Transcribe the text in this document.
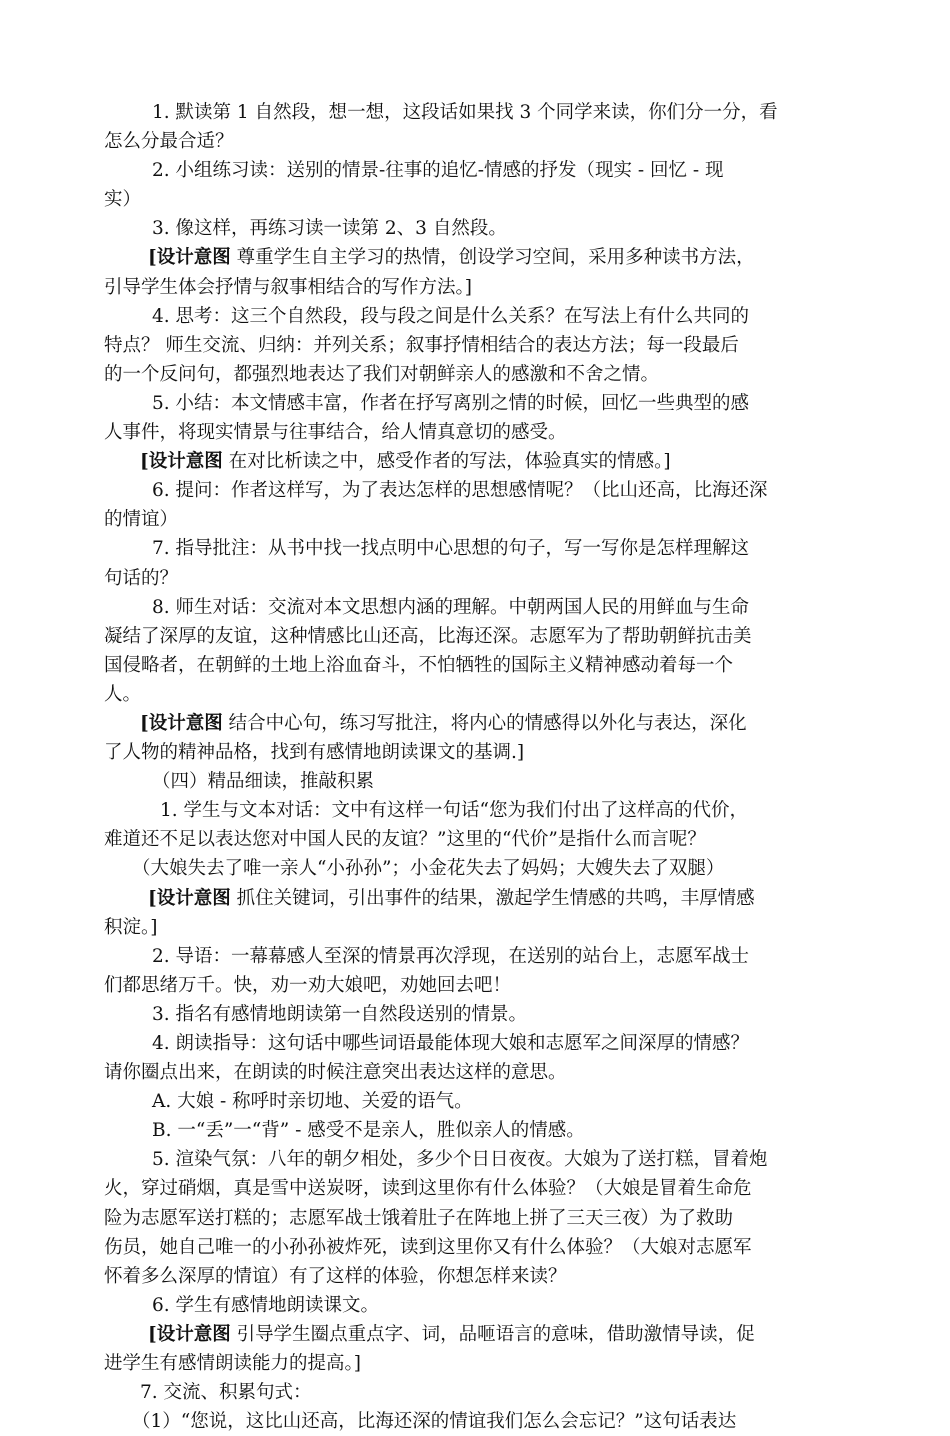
1. 默读第 1 自然段，想一想，这段话如果找 3 个同学来读，你们分一分，看

怎么分最合适？

2. 小组练习读：送别的情景-往事的追忆-情感的抒发（现实 - 回忆 - 现

实）

3. 像这样，再练习读一读第 2、3 自然段。

[设计意图 尊重学生自主学习的热情，创设学习空间，采用多种读书方法，

引导学生体会抒情与叙事相结合的写作方法。]

4. 思考：这三个自然段，段与段之间是什么关系？在写法上有什么共同的

特点？ 师生交流、归纳：并列关系；叙事抒情相结合的表达方法；每一段最后

的一个反问句，都强烈地表达了我们对朝鲜亲人的感激和不舍之情。

5. 小结：本文情感丰富，作者在抒写离别之情的时候，回忆一些典型的感

人事件，将现实情景与往事结合，给人情真意切的感受。

[设计意图 在对比析读之中，感受作者的写法，体验真实的情感。]

6. 提问：作者这样写，为了表达怎样的思想感情呢？（比山还高，比海还深

的情谊）

7. 指导批注：从书中找一找点明中心思想的句子，写一写你是怎样理解这

句话的？

8. 师生对话：交流对本文思想内涵的理解。中朝两国人民的用鲜血与生命

凝结了深厚的友谊，这种情感比山还高，比海还深。志愿军为了帮助朝鲜抗击美

国侵略者，在朝鲜的土地上浴血奋斗，不怕牺牲的国际主义精神感动着每一个

人。

[设计意图 结合中心句，练习写批注，将内心的情感得以外化与表达，深化

了人物的精神品格，找到有感情地朗读课文的基调.]

（四）精品细读，推敲积累

1. 学生与文本对话：文中有这样一句话“您为我们付出了这样高的代价，

难道还不足以表达您对中国人民的友谊？”这里的“代价”是指什么而言呢？

（大娘失去了唯一亲人“小孙孙”；小金花失去了妈妈；大嫂失去了双腿）

[设计意图 抓住关键词，引出事件的结果，激起学生情感的共鸣，丰厚情感

积淀。]

2. 导语：一幕幕感人至深的情景再次浮现，在送别的站台上，志愿军战士

们都思绪万千。快，劝一劝大娘吧，劝她回去吧！

3. 指名有感情地朗读第一自然段送别的情景。

4. 朗读指导：这句话中哪些词语最能体现大娘和志愿军之间深厚的情感？

请你圈点出来，在朗读的时候注意突出表达这样的意思。

A. 大娘 - 称呼时亲切地、关爱的语气。

B. 一“丢”一“背” - 感受不是亲人，胜似亲人的情感。

5. 渲染气氛：八年的朝夕相处，多少个日日夜夜。大娘为了送打糕，冒着炮

火，穿过硝烟，真是雪中送炭呀，读到这里你有什么体验？（大娘是冒着生命危

险为志愿军送打糕的；志愿军战士饿着肚子在阵地上拼了三天三夜）为了救助

伤员，她自己唯一的小孙孙被炸死，读到这里你又有什么体验？（大娘对志愿军

怀着多么深厚的情谊）有了这样的体验，你想怎样来读？

6. 学生有感情地朗读课文。

[设计意图 引导学生圈点重点字、词，品咂语言的意味，借助激情导读，促

进学生有感情朗读能力的提高。]

7. 交流、积累句式：

（1）“您说，这比山还高，比海还深的情谊我们怎么会忘记？”这句话表达
